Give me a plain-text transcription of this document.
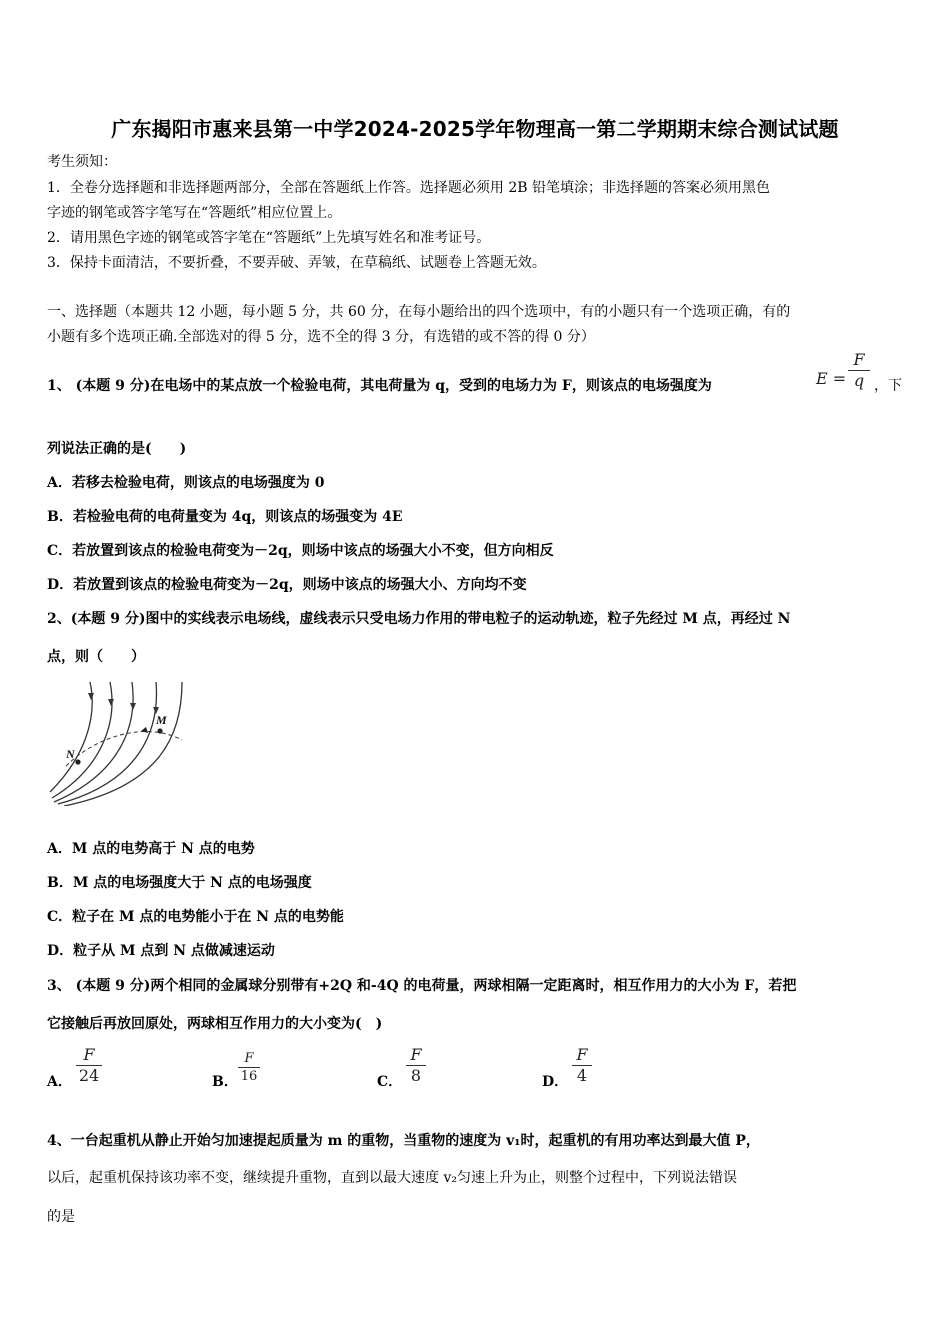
广东揭阳市惠来县第一中学2024-2025学年物理高一第二学期期末综合测试试题
考生须知：
1．全卷分选择题和非选择题两部分，全部在答题纸上作答。选择题必须用 2B 铅笔填涂；非选择题的答案必须用黑色
字迹的钢笔或答字笔写在“答题纸”相应位置上。
2．请用黑色字迹的钢笔或答字笔在“答题纸”上先填写姓名和准考证号。
3．保持卡面清洁，不要折叠，不要弄破、弄皱，在草稿纸、试题卷上答题无效。
一、选择题（本题共 12 小题，每小题 5 分，共 60 分，在每小题给出的四个选项中，有的小题只有一个选项正确，有的
小题有多个选项正确.全部选对的得 5 分，选不全的得 3 分，有选错的或不答的得 0 分）
1、 (本题 9 分)在电场中的某点放一个检验电荷，其电荷量为 q，受到的电场力为 F，则该点的电场强度为	E =
F
q ，下
列说法正确的是(　　)
A．若移去检验电荷，则该点的电场强度为 0
B．若检验电荷的电荷量变为 4q，则该点的场强变为 4E
C．若放置到该点的检验电荷变为－2q，则场中该点的场强大小不变，但方向相反
D．若放置到该点的检验电荷变为－2q，则场中该点的场强大小、方向均不变
2、(本题 9 分)图中的实线表示电场线，虚线表示只受电场力作用的带电粒子的运动轨迹，粒子先经过 M 点，再经过 N
点，则（　　）
M
N
A．M 点的电势高于 N 点的电势
B．M 点的电场强度大于 N 点的电场强度
C．粒子在 M 点的电势能小于在 N 点的电势能
D．粒子从 M 点到 N 点做减速运动
3、 (本题 9 分)两个相同的金属球分别带有+2Q 和-4Q 的电荷量，两球相隔一定距离时，相互作用力的大小为 F，若把
它接触后再放回原处，两球相互作用力的大小变为(　)
A．
F
24	B．
F
16	C．
F
8	D．
F
4
4、一台起重机从静止开始匀加速提起质量为 m 的重物，当重物的速度为 v₁时，起重机的有用功率达到最大值 P，
以后，起重机保持该功率不变，继续提升重物，直到以最大速度 v₂匀速上升为止，则整个过程中，下列说法错误
的是
